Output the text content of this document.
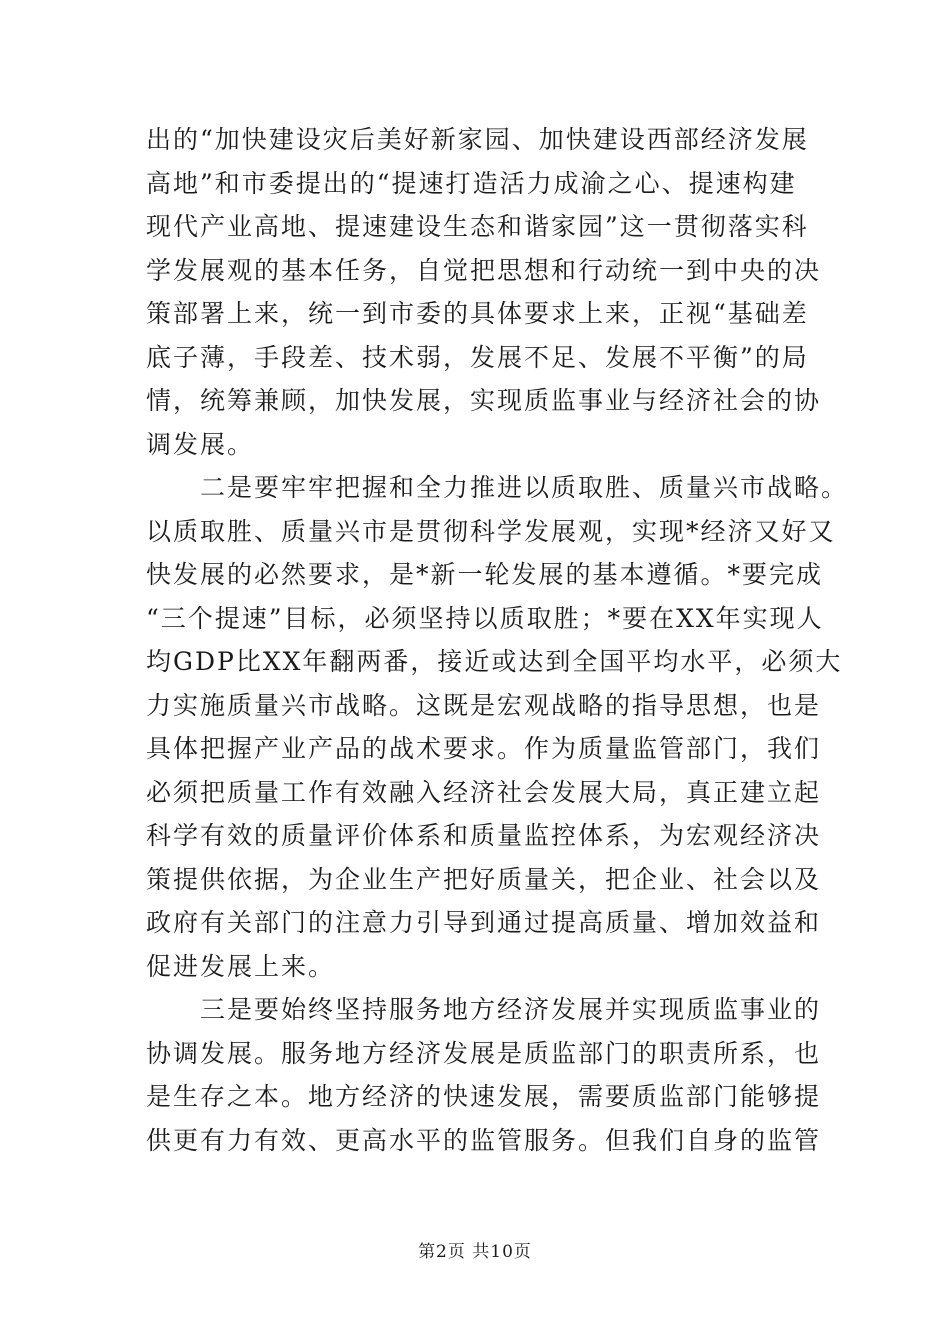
出的“加快建设灾后美好新家园、加快建设西部经济发展
高地”和市委提出的“提速打造活力成渝之心、提速构建
现代产业高地、提速建设生态和谐家园”这一贯彻落实科
学发展观的基本任务，自觉把思想和行动统一到中央的决
策部署上来，统一到市委的具体要求上来，正视“基础差
底子薄，手段差、技术弱，发展不足、发展不平衡”的局
情，统筹兼顾，加快发展，实现质监事业与经济社会的协
调发展。
　　二是要牢牢把握和全力推进以质取胜、质量兴市战略。
以质取胜、质量兴市是贯彻科学发展观，实现*经济又好又
快发展的必然要求，是*新一轮发展的基本遵循。*要完成
“三个提速”目标，必须坚持以质取胜；*要在XX年实现人
均GDP比XX年翻两番，接近或达到全国平均水平，必须大
力实施质量兴市战略。这既是宏观战略的指导思想，也是
具体把握产业产品的战术要求。作为质量监管部门，我们
必须把质量工作有效融入经济社会发展大局，真正建立起
科学有效的质量评价体系和质量监控体系，为宏观经济决
策提供依据，为企业生产把好质量关，把企业、社会以及
政府有关部门的注意力引导到通过提高质量、增加效益和
促进发展上来。
　　三是要始终坚持服务地方经济发展并实现质监事业的
协调发展。服务地方经济发展是质监部门的职责所系，也
是生存之本。地方经济的快速发展，需要质监部门能够提
供更有力有效、更高水平的监管服务。但我们自身的监管
第2页 共10页
